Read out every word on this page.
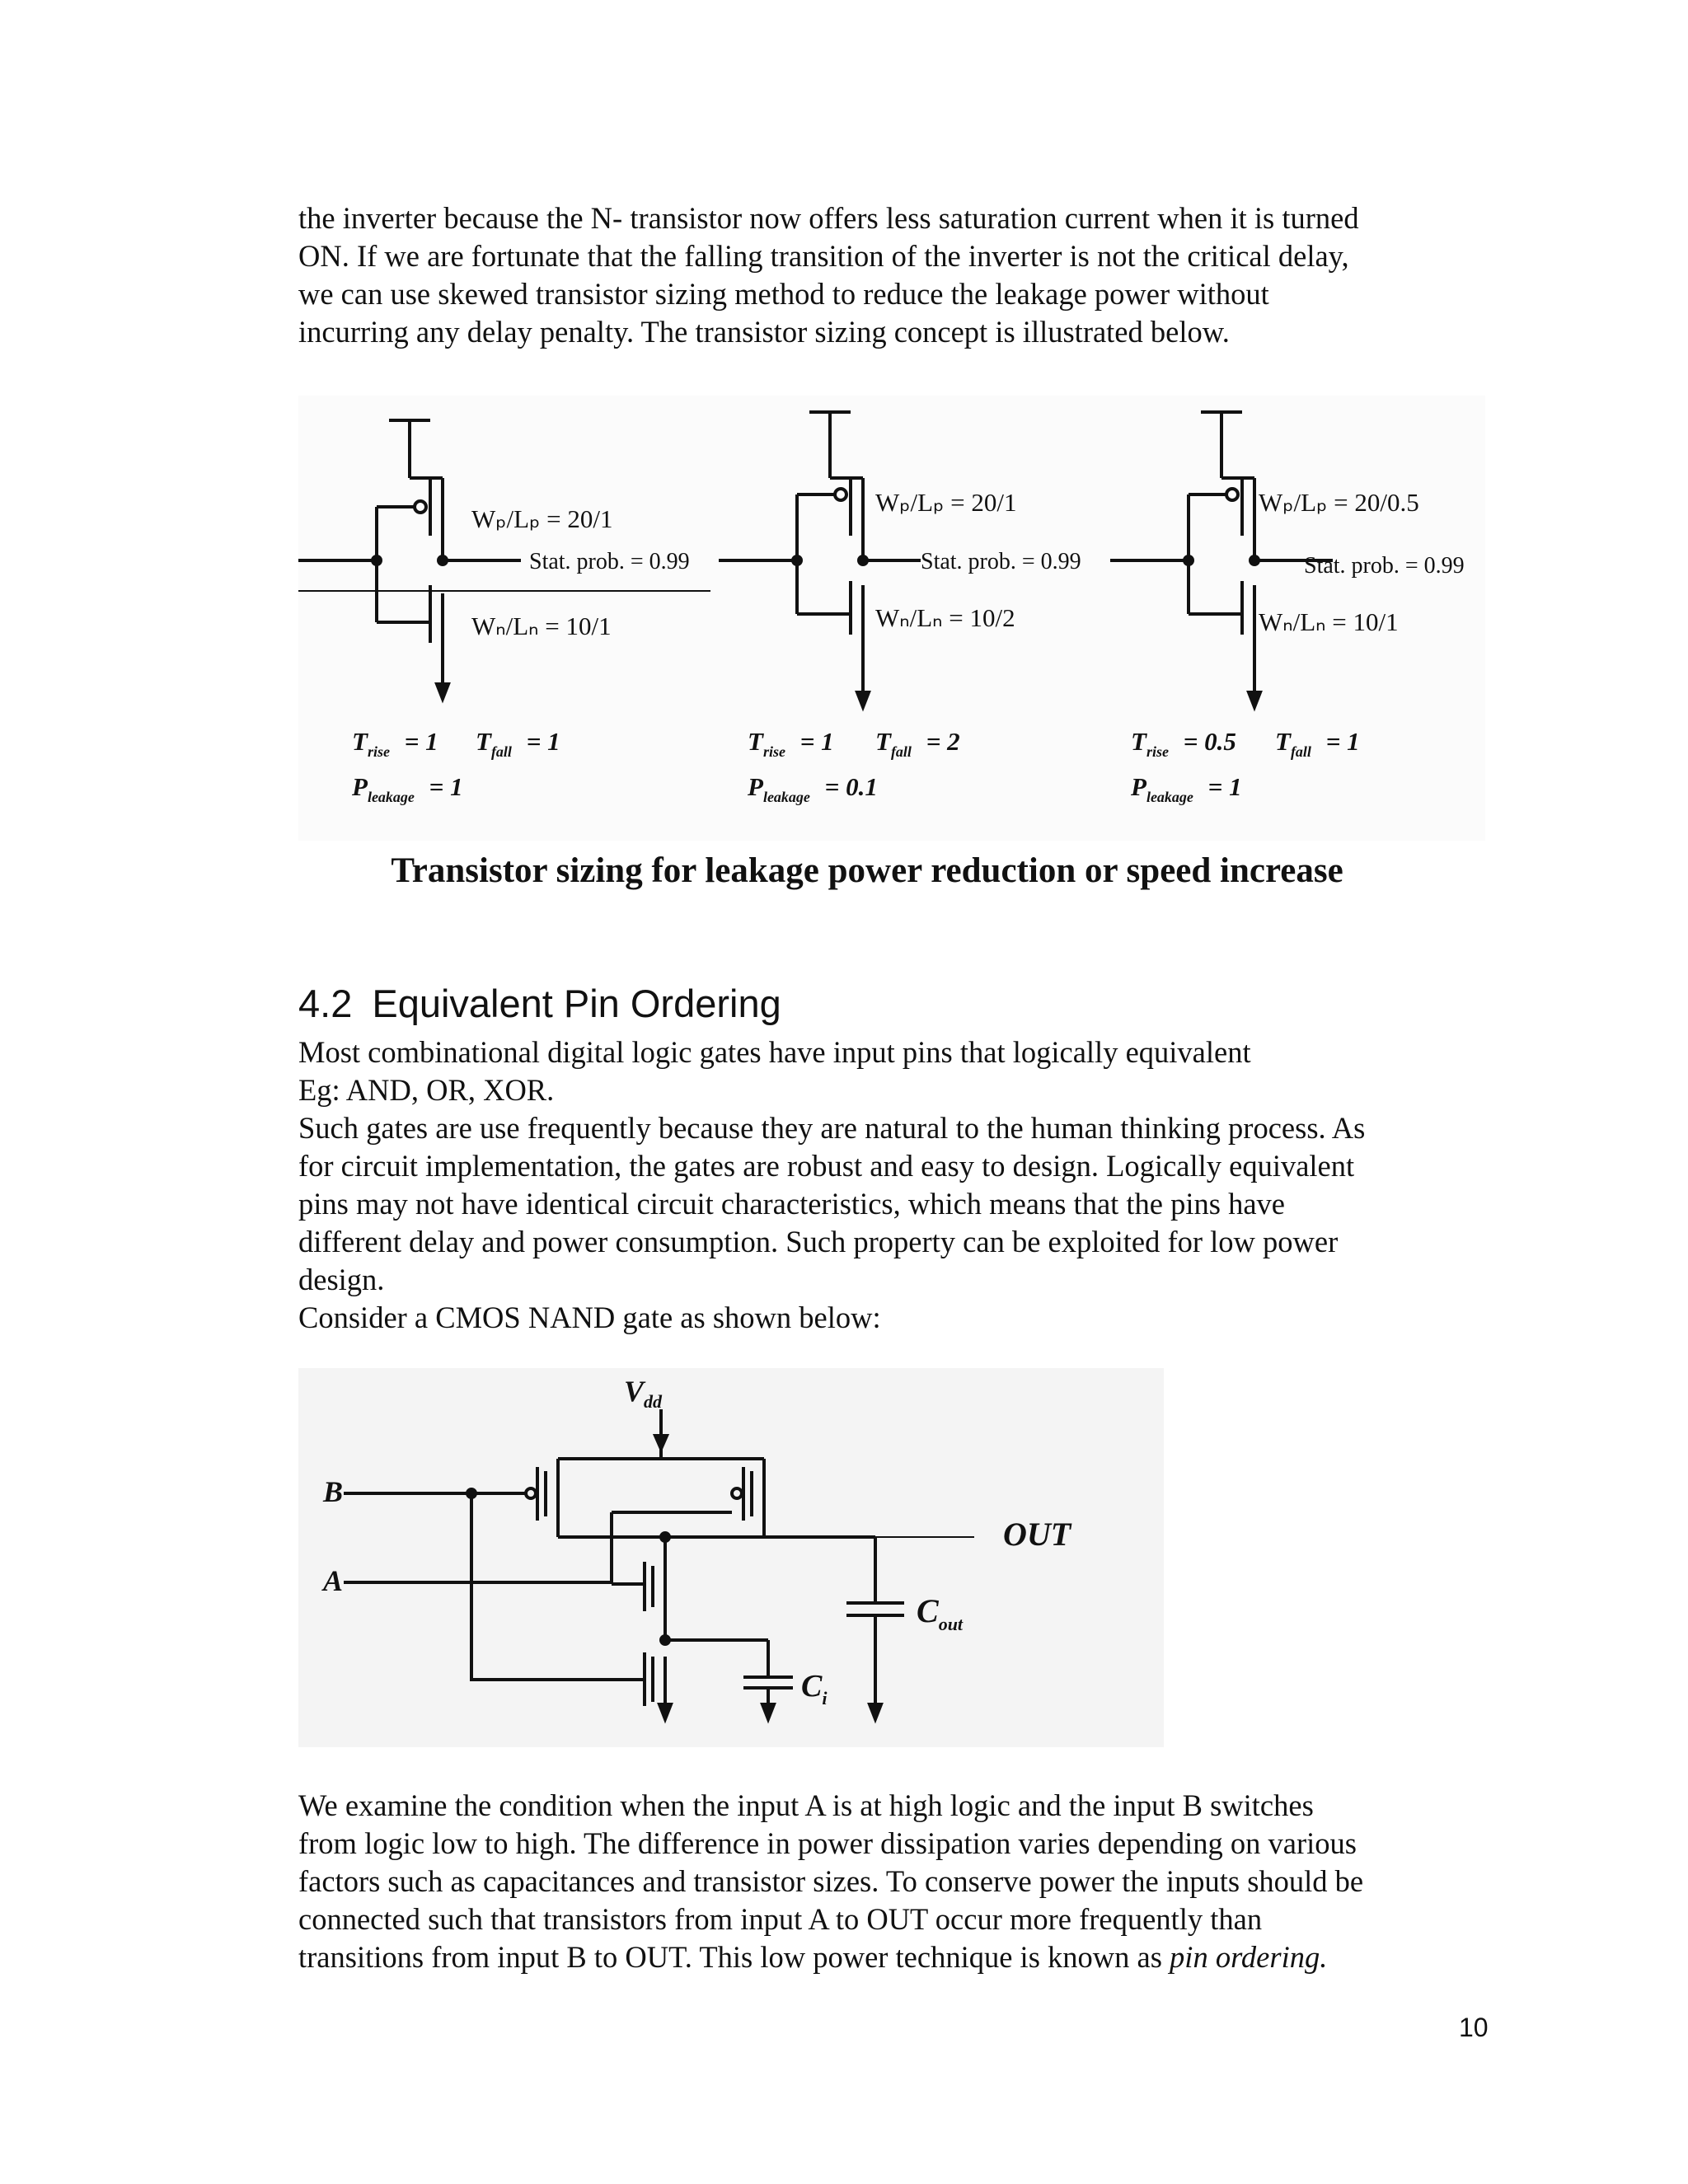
the inverter because the N- transistor now offers less saturation current when it is turned
ON. If we are fortunate that the falling transition of the inverter is not the critical delay,
we can use skewed transistor sizing method to reduce the leakage power without
incurring any delay penalty. The transistor sizing concept is illustrated below.

Wₚ/Lₚ = 20/1
Stat. prob. = 0.99
Wₙ/Lₙ = 10/1
$T_{rise} = 1$ $T_{fall} = 1$
$P_{leakage} = 1$
Wₚ/Lₚ = 20/1
Stat. prob. = 0.99
Wₙ/Lₙ = 10/2
$T_{rise} = 1$ $T_{fall} = 2$
$P_{leakage} = 0.1$
Wₚ/Lₚ = 20/0.5
Stat. prob. = 0.99
Wₙ/Lₙ = 10/1
$T_{rise} = 0.5$ $T_{fall} = 1$
$P_{leakage} = 1$
Transistor sizing for leakage power reduction or speed increase
4.2 Equivalent Pin Ordering

Most combinational digital logic gates have input pins that logically equivalent
Eg: AND, OR, XOR.
Such gates are use frequently because they are natural to the human thinking process. As
for circuit implementation, the gates are robust and easy to design. Logically equivalent
pins may not have identical circuit characteristics, which means that the pins have
different delay and power consumption. Such property can be exploited for low power
design.
Consider a CMOS NAND gate as shown below:

$V_{dd}$
B
A
OUT
$C_{out}$
$C_i$

We examine the condition when the input A is at high logic and the input B switches
from logic low to high. The difference in power dissipation varies depending on various
factors such as capacitances and transistor sizes. To conserve power the inputs should be
connected such that transistors from input A to OUT occur more frequently than
transitions from input B to OUT. This low power technique is known as pin ordering.

10
